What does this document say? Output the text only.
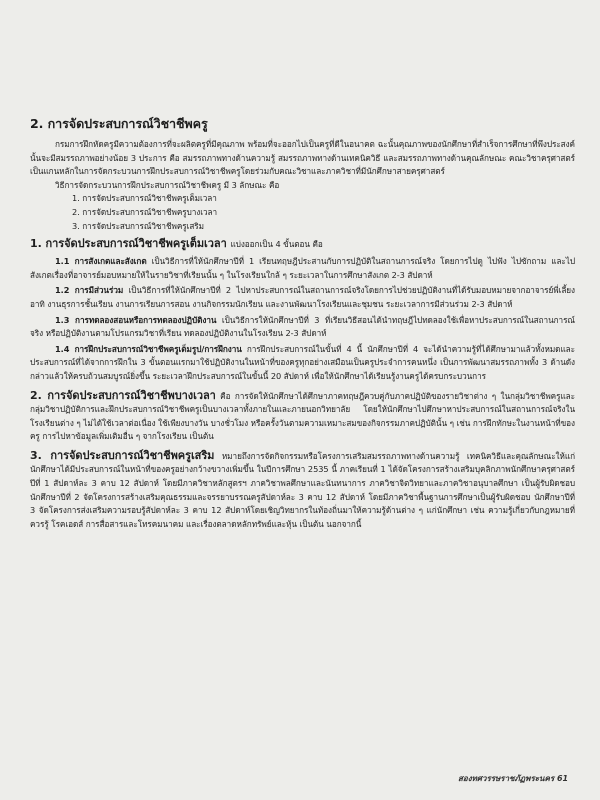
2. การจัดประสบการณ์วิชาชีพครู

กรมการฝึกหัดครูมีความต้องการที่จะผลิตครูที่มีคุณภาพ พร้อมที่จะออกไปเป็นครูที่ดีในอนาคต ฉะนั้นคุณภาพของนักศึกษาที่สำเร็จการศึกษาที่พึงประสงค์นั้นจะมีสมรรถภาพอย่างน้อย 3 ประการ คือ สมรรถภาพทางด้านความรู้ สมรรถภาพทางด้านเทคนิควิธี และสมรรถภาพทางด้านคุณลักษณะ คณะวิชาครุศาสตร์เป็นแกนหลักในการจัดกระบวนการฝึกประสบการณ์วิชาชีพครูโดยร่วมกับคณะวิชาและภาควิชาที่มีนักศึกษาสายครุศาสตร์

วิธีการจัดกระบวนการฝึกประสบการณ์วิชาชีพครู มี 3 ลักษณะ คือ

1. การจัดประสบการณ์วิชาชีพครูเต็มเวลา
2. การจัดประสบการณ์วิชาชีพครูบางเวลา
3. การจัดประสบการณ์วิชาชีพครูเสริม
1. การจัดประสบการณ์วิชาชีพครูเต็มเวลา แบ่งออกเป็น 4 ขั้นตอน คือ

1.1 การสังเกตและสังเกต เป็นวิธีการที่ให้นักศึกษาปีที่ 1 เรียนทฤษฎีประสานกับการปฏิบัติในสถานการณ์จริง โดยการไปดู ไปฟัง ไปซักถาม และไปสังเกตเรื่องที่อาจารย์มอบหมายให้ในรายวิชาที่เรียนนั้น ๆ ในโรงเรียนใกล้ ๆ ระยะเวลาในการศึกษาสังเกต 2-3 สัปดาห์

1.2 การมีส่วนร่วม เป็นวิธีการที่ให้นักศึกษาปีที่ 2 ไปหาประสบการณ์ในสถานการณ์จริงโดยการไปช่วยปฏิบัติงานที่ได้รับมอบหมายจากอาจารย์พี่เลี้ยง อาทิ งานธุรการชั้นเรียน งานการเรียนการสอน งานกิจกรรมนักเรียน และงานพัฒนาโรงเรียนและชุมชน ระยะเวลาการมีส่วนร่วม 2-3 สัปดาห์

1.3 การทดลองสอนหรือการทดลองปฏิบัติงาน เป็นวิธีการให้นักศึกษาปีที่ 3 ที่เรียนวิธีสอนได้นำทฤษฎีไปทดลองใช้เพื่อหาประสบการณ์ในสถานการณ์จริง หรือปฏิบัติงานตามโปรแกรมวิชาที่เรียน ทดลองปฏิบัติงานในโรงเรียน 2-3 สัปดาห์

1.4 การฝึกประสบการณ์วิชาชีพครูเต็มรูป/การฝึกงาน การฝึกประสบการณ์ในขั้นที่ 4 นี้ นักศึกษาปีที่ 4 จะได้นำความรู้ที่ได้ศึกษามาแล้วทั้งหมดและประสบการณ์ที่ได้จากการฝึกใน 3 ขั้นตอนแรกมาใช้ปฏิบัติงานในหน้าที่ของครูทุกอย่างเสมือนเป็นครูประจำการคนหนึ่ง เป็นการพัฒนาสมรรถภาพทั้ง 3 ด้านดังกล่าวแล้วให้ครบถ้วนสมบูรณ์ยิ่งขึ้น ระยะเวลาฝึกประสบการณ์ในขั้นนี้ 20 สัปดาห์ เพื่อให้นักศึกษาได้เรียนรู้งานครูได้ครบกระบวนการ

2. การจัดประสบการณ์วิชาชีพบางเวลา คือ การจัดให้นักศึกษาได้ศึกษาภาคทฤษฎีควบคู่กับภาคปฏิบัติของรายวิชาต่าง ๆ ในกลุ่มวิชาชีพครูและกลุ่มวิชาปฏิบัติการและฝึกประสบการณ์วิชาชีพครูเป็นบางเวลาทั้งภายในและภายนอกวิทยาลัย โดยให้นักศึกษาไปศึกษาหาประสบการณ์ในสถานการณ์จริงในโรงเรียนต่าง ๆ ไม่ได้ใช้เวลาต่อเนื่อง ใช้เพียงบางวัน บางชั่วโมง หรือครั้งวันตามความเหมาะสมของกิจกรรมภาคปฏิบัตินั้น ๆ เช่น การฝึกทักษะในงานหน้าที่ของครู การไปหาข้อมูลเพิ่มเติมอื่น ๆ จากโรงเรียน เป็นต้น

3. การจัดประสบการณ์วิชาชีพครูเสริม หมายถึงการจัดกิจกรรมหรือโครงการเสริมสมรรถภาพทางด้านความรู้ เทคนิควิธีและคุณลักษณะให้แก่นักศึกษาได้มีประสบการณ์ในหน้าที่ของครูอย่างกว้างขวางเพิ่มขึ้น ในปีการศึกษา 2535 นี้ ภาคเรียนที่ 1 ได้จัดโครงการสร้างเสริมบุคลิกภาพนักศึกษาครุศาสตร์ปีที่ 1 สัปดาห์ละ 3 คาบ 12 สัปดาห์ โดยมีภาควิชาหลักสูตรฯ ภาควิชาพลศึกษาและนันทนาการ ภาควิชาจิตวิทยาและภาควิชาอนุบาลศึกษา เป็นผู้รับผิดชอบ นักศึกษาปีที่ 2 จัดโครงการสร้างเสริมคุณธรรมและจรรยาบรรณครูสัปดาห์ละ 3 คาบ 12 สัปดาห์ โดยมีภาควิชาพื้นฐานการศึกษาเป็นผู้รับผิดชอบ นักศึกษาปีที่ 3 จัดโครงการส่งเสริมความรอบรู้สัปดาห์ละ 3 คาบ 12 สัปดาห์โดยเชิญวิทยากรในท้องถิ่นมาให้ความรู้ด้านต่าง ๆ แก่นักศึกษา เช่น ความรู้เกี่ยวกับกฎหมายที่ควรรู้ โรคเอดส์ การสื่อสารและโทรคมนาคม และเรื่องตลาดหลักทรัพย์และหุ้น เป็นต้น นอกจากนี้

สองทศวรรษราชภัฏพระนคร 61
